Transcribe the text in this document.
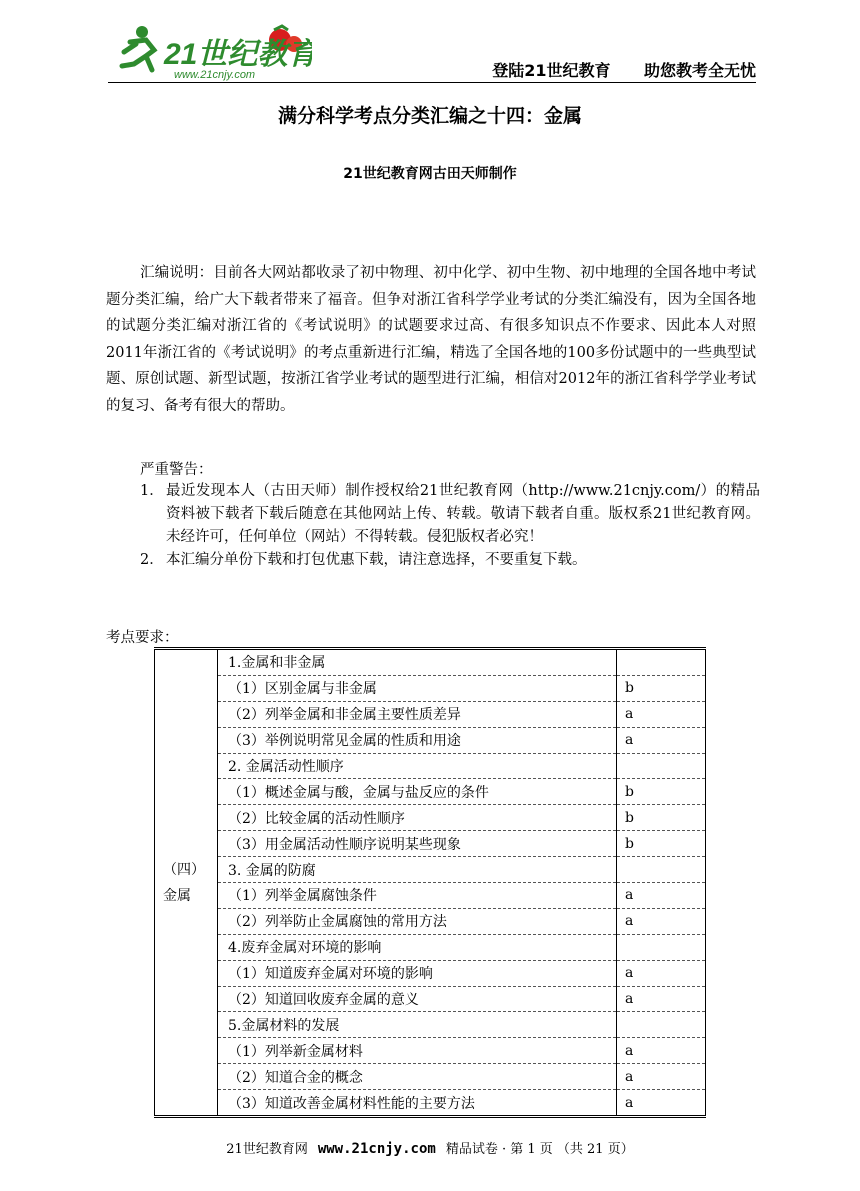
21世纪教育
www.21cnjy.com	登陆21世纪教育 助您教考全无忧
满分科学考点分类汇编之十四：金属
21世纪教育网古田天师制作
汇编说明：目前各大网站都收录了初中物理、初中化学、初中生物、初中地理的全国各地中考试题分类汇编，给广大下载者带来了福音。但争对浙江省科学学业考试的分类汇编没有，因为全国各地的试题分类汇编对浙江省的《考试说明》的试题要求过高、有很多知识点不作要求、因此本人对照2011年浙江省的《考试说明》的考点重新进行汇编，精选了全国各地的100多份试题中的一些典型试题、原创试题、新型试题，按浙江省学业考试的题型进行汇编，相信对2012年的浙江省科学学业考试的复习、备考有很大的帮助。
严重警告：
1． 最近发现本人（古田天师）制作授权给21世纪教育网（http://www.21cnjy.com/）的精品资料被下载者下载后随意在其他网站上传、转载。敬请下载者自重。版权系21世纪教育网。未经许可，任何单位（网站）不得转载。侵犯版权者必究！
2． 本汇编分单份下载和打包优惠下载，请注意选择，不要重复下载。
考点要求：
（四）
金属	1.金属和非金属	
	（1）区别金属与非金属	b
	（2）列举金属和非金属主要性质差异	a
	（3）举例说明常见金属的性质和用途	a
	2. 金属活动性顺序	
	（1）概述金属与酸，金属与盐反应的条件	b
	（2）比较金属的活动性顺序	b
	（3）用金属活动性顺序说明某些现象	b
	3. 金属的防腐	
	（1）列举金属腐蚀条件	a
	（2）列举防止金属腐蚀的常用方法	a
	4.废弃金属对环境的影响	
	（1）知道废弃金属对环境的影响	a
	（2）知道回收废弃金属的意义	a
	5.金属材料的发展	
	（1）列举新金属材料	a
	（2）知道合金的概念	a
	（3）知道改善金属材料性能的主要方法	a
21世纪教育网 www.21cnjy.com 精品试卷 · 第 1 页 （共 21 页）
